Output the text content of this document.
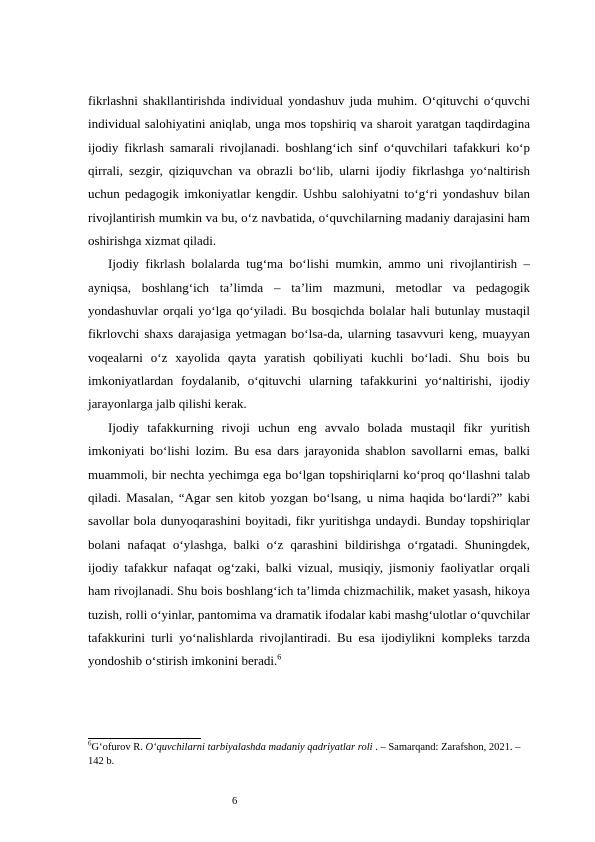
fikrlashni shakllantirishda individual yondashuv juda muhim. O‘qituvchi o‘quvchi individual salohiyatini aniqlab, unga mos topshiriq va sharoit yaratgan taqdirdagina ijodiy fikrlash samarali rivojlanadi. boshlang‘ich sinf o‘quvchilari tafakkuri ko‘p qirrali, sezgir, qiziquvchan va obrazli bo‘lib, ularni ijodiy fikrlashga yo‘naltirish uchun pedagogik imkoniyatlar kengdir. Ushbu salohiyatni to‘g‘ri yondashuv bilan rivojlantirish mumkin va bu, o‘z navbatida, o‘quvchilarning madaniy darajasini ham oshirishga xizmat qiladi.

Ijodiy fikrlash bolalarda tug‘ma bo‘lishi mumkin, ammo uni rivojlantirish – ayniqsa, boshlang‘ich ta’limda – ta’lim mazmuni, metodlar va pedagogik yondashuvlar orqali yo‘lga qo‘yiladi. Bu bosqichda bolalar hali butunlay mustaqil fikrlovchi shaxs darajasiga yetmagan bo‘lsa-da, ularning tasavvuri keng, muayyan voqealarni o‘z xayolida qayta yaratish qobiliyati kuchli bo‘ladi. Shu bois bu imkoniyatlardan foydalanib, o‘qituvchi ularning tafakkurini yo‘naltirishi, ijodiy jarayonlarga jalb qilishi kerak.

Ijodiy tafakkurning rivoji uchun eng avvalo bolada mustaqil fikr yuritish imkoniyati bo‘lishi lozim. Bu esa dars jarayonida shablon savollarni emas, balki muammoli, bir nechta yechimga ega bo‘lgan topshiriqlarni ko‘proq qo‘llashni talab qiladi. Masalan, “Agar sen kitob yozgan bo‘lsang, u nima haqida bo‘lardi?” kabi savollar bola dunyoqarashini boyitadi, fikr yuritishga undaydi. Bunday topshiriqlar bolani nafaqat o‘ylashga, balki o‘z qarashini bildirishga o‘rgatadi. Shuningdek, ijodiy tafakkur nafaqat og‘zaki, balki vizual, musiqiy, jismoniy faoliyatlar orqali ham rivojlanadi. Shu bois boshlang‘ich ta’limda chizmachilik, maket yasash, hikoya tuzish, rolli o‘yinlar, pantomima va dramatik ifodalar kabi mashg‘ulotlar o‘quvchilar tafakkurini turli yo‘nalishlarda rivojlantiradi. Bu esa ijodiylikni kompleks tarzda yondoshib o‘stirish imkonini beradi.$^6$

$^6$G‘ofurov R. O‘quvchilarni tarbiyalashda madaniy qadriyatlar roli . – Samarqand: Zarafshon, 2021. – 142 b.
6
